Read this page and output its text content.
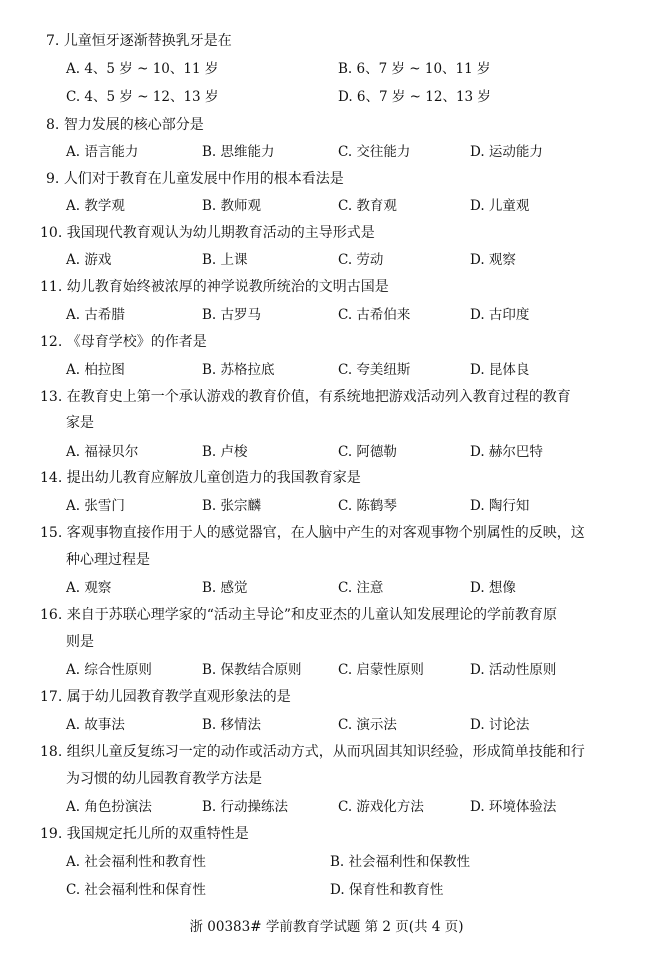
7. 儿童恒牙逐渐替换乳牙是在
A. 4、5 岁 ~ 10、11 岁	B. 6、7 岁 ~ 10、11 岁
C. 4、5 岁 ~ 12、13 岁	D. 6、7 岁 ~ 12、13 岁
8. 智力发展的核心部分是
A. 语言能力	B. 思维能力	C. 交往能力	D. 运动能力
9. 人们对于教育在儿童发展中作用的根本看法是
A. 教学观	B. 教师观	C. 教育观	D. 儿童观
10. 我国现代教育观认为幼儿期教育活动的主导形式是
A. 游戏	B. 上课	C. 劳动	D. 观察
11. 幼儿教育始终被浓厚的神学说教所统治的文明古国是
A. 古希腊	B. 古罗马	C. 古希伯来	D. 古印度
12. 《母育学校》的作者是
A. 柏拉图	B. 苏格拉底	C. 夸美纽斯	D. 昆体良
13. 在教育史上第一个承认游戏的教育价值，有系统地把游戏活动列入教育过程的教育
家是
A. 福禄贝尔	B. 卢梭	C. 阿德勒	D. 赫尔巴特
14. 提出幼儿教育应解放儿童创造力的我国教育家是
A. 张雪门	B. 张宗麟	C. 陈鹤琴	D. 陶行知
15. 客观事物直接作用于人的感觉器官，在人脑中产生的对客观事物个别属性的反映，这
种心理过程是
A. 观察	B. 感觉	C. 注意	D. 想像
16. 来自于苏联心理学家的“活动主导论”和皮亚杰的儿童认知发展理论的学前教育原
则是
A. 综合性原则	B. 保教结合原则	C. 启蒙性原则	D. 活动性原则
17. 属于幼儿园教育教学直观形象法的是
A. 故事法	B. 移情法	C. 演示法	D. 讨论法
18. 组织儿童反复练习一定的动作或活动方式，从而巩固其知识经验，形成简单技能和行
为习惯的幼儿园教育教学方法是
A. 角色扮演法	B. 行动操练法	C. 游戏化方法	D. 环境体验法
19. 我国规定托儿所的双重特性是
A. 社会福利性和教育性	B. 社会福利性和保教性
C. 社会福利性和保育性	D. 保育性和教育性
浙 00383# 学前教育学试题 第 2 页(共 4 页)
